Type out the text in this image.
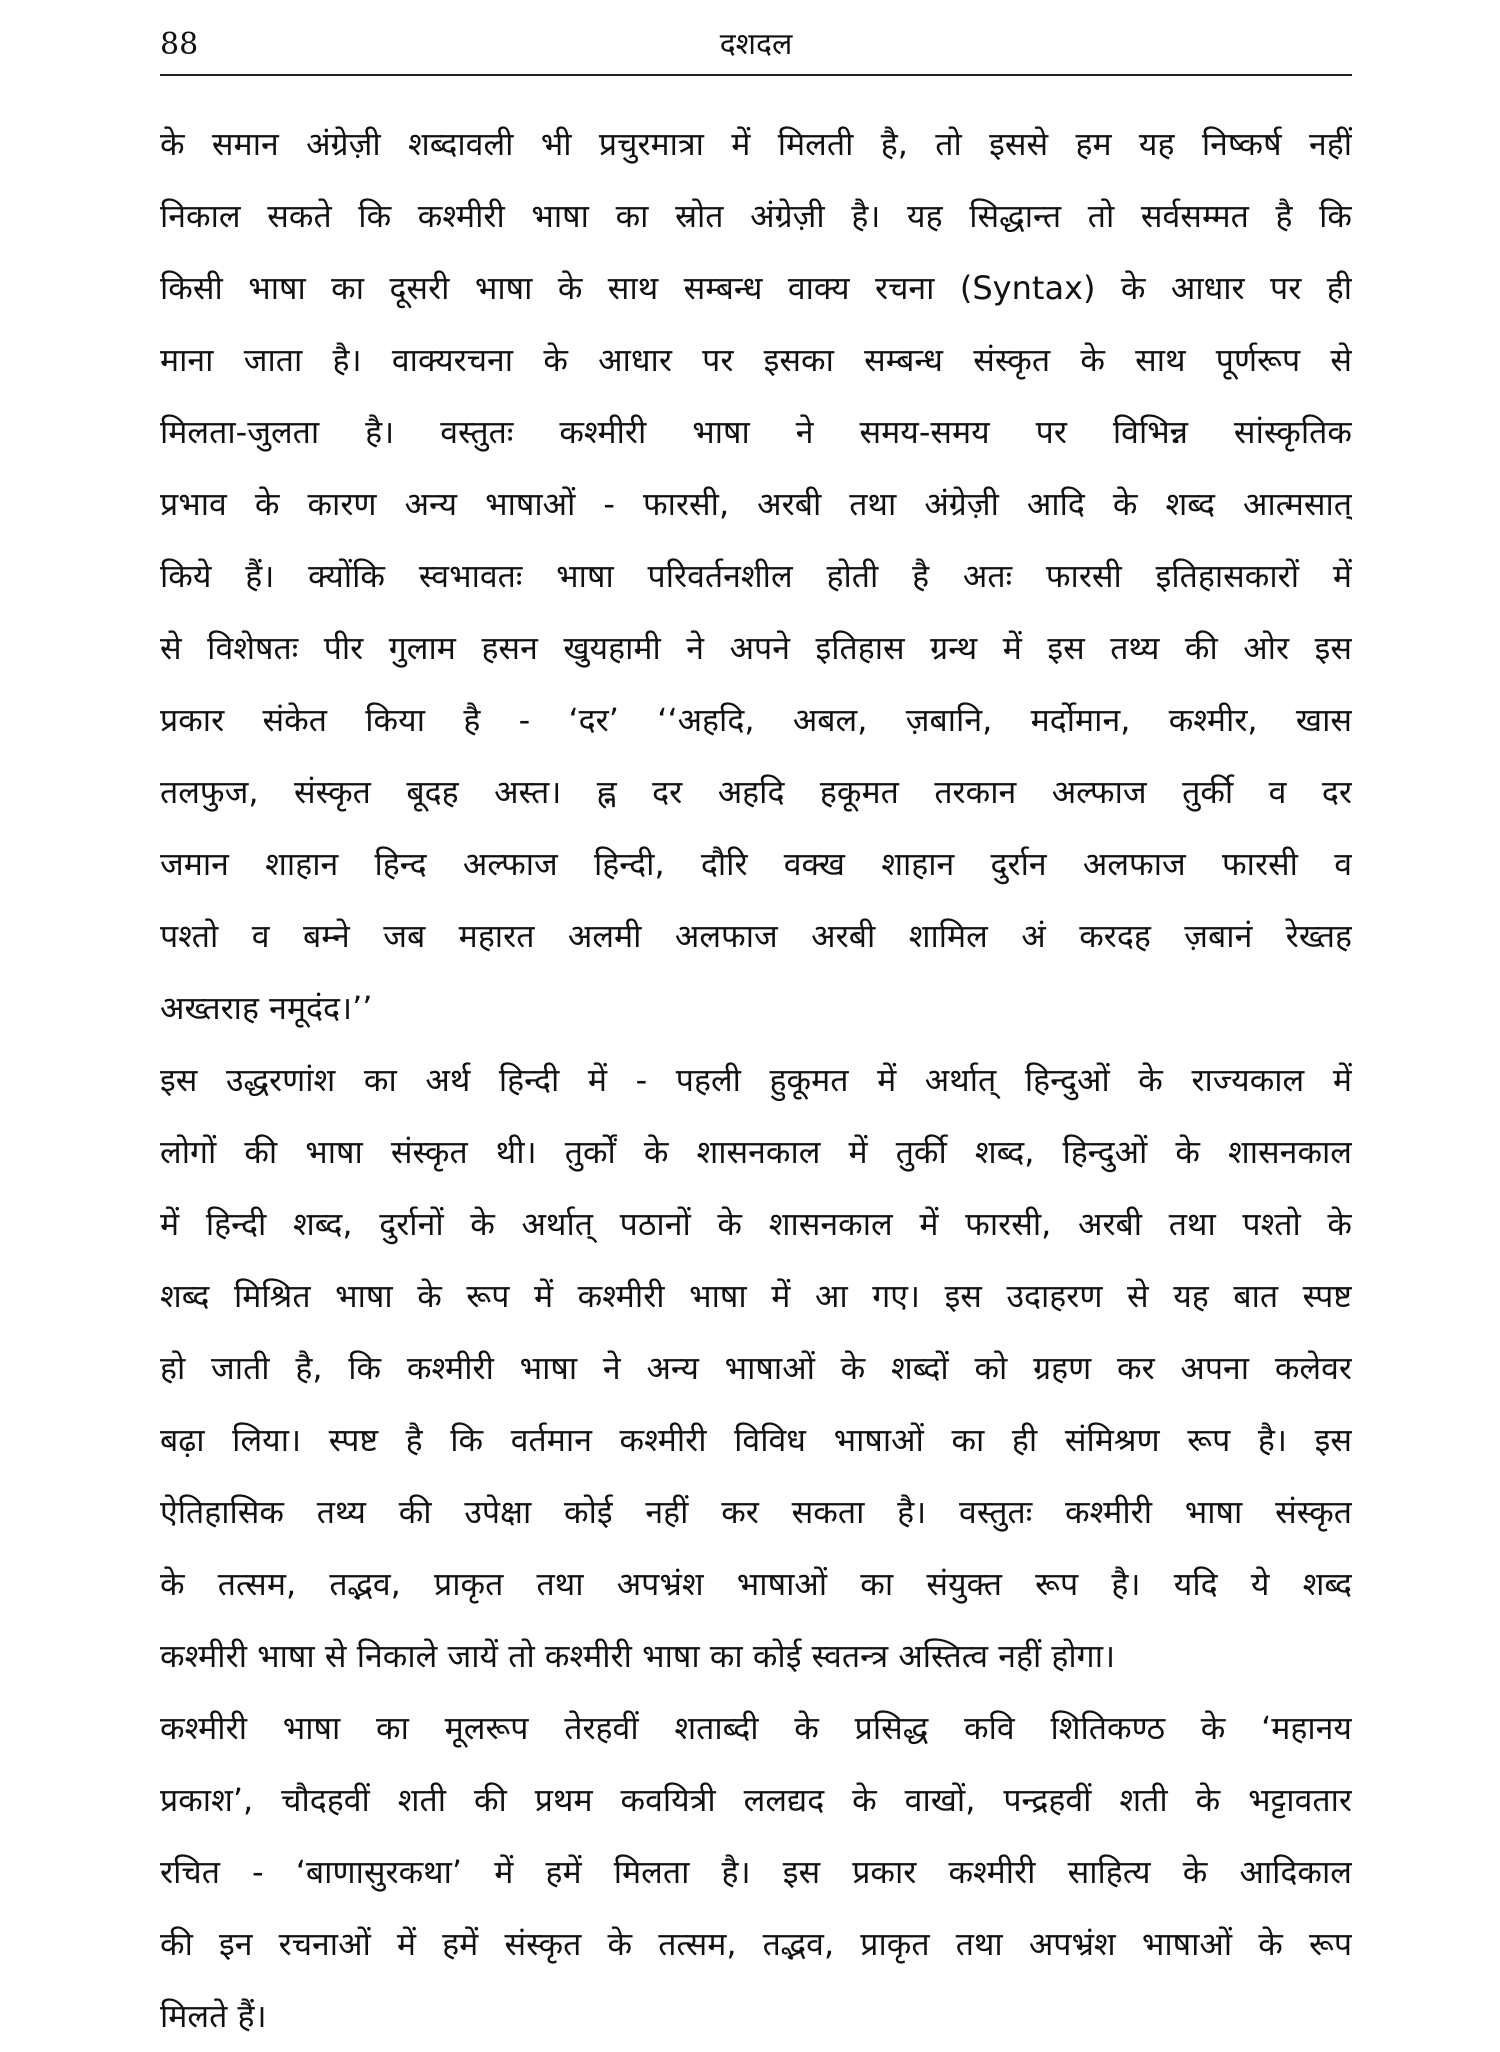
88	दशदल

के समान अंग्रेज़ी शब्दावली भी प्रचुरमात्रा में मिलती है, तो इससे हम यह निष्कर्ष नहीं

निकाल सकते कि कश्मीरी भाषा का स्रोत अंग्रेज़ी है। यह सिद्धान्त तो सर्वसम्मत है कि

किसी भाषा का दूसरी भाषा के साथ सम्बन्ध वाक्य रचना (Syntax) के आधार पर ही

माना जाता है। वाक्यरचना के आधार पर इसका सम्बन्ध संस्कृत के साथ पूर्णरूप से

मिलता-जुलता है। वस्तुतः कश्मीरी भाषा ने समय-समय पर विभिन्न सांस्कृतिक

प्रभाव के कारण अन्य भाषाओं - फारसी, अरबी तथा अंग्रेज़ी आदि के शब्द आत्मसात्

किये हैं। क्योंकि स्वभावतः भाषा परिवर्तनशील होती है अतः फारसी इतिहासकारों में

से विशेषतः पीर गुलाम हसन खुयहामी ने अपने इतिहास ग्रन्थ में इस तथ्य की ओर इस

प्रकार संकेत किया है - ‘दर’ ‘‘अहदि, अबल, ज़बानि, मर्दोमान, कश्मीर, खास

तलफुज, संस्कृत बूदह अस्त। ह्न दर अहदि हकूमत तरकान अल्फाज तुर्की व दर

जमान शाहान हिन्द अल्फाज हिन्दी, दौरि वक्ख शाहान दुर्रान अलफाज फारसी व

पश्तो व बम्ने जब महारत अलमी अलफाज अरबी शामिल अं करदह ज़बानं रेख्तह

अख्तराह नमूदंद।’’

इस उद्धरणांश का अर्थ हिन्दी में - पहली हुकूमत में अर्थात् हिन्दुओं के राज्यकाल में

लोगों की भाषा संस्कृत थी। तुर्कों के शासनकाल में तुर्की शब्द, हिन्दुओं के शासनकाल

में हिन्दी शब्द, दुर्रानों के अर्थात् पठानों के शासनकाल में फारसी, अरबी तथा पश्तो के

शब्द मिश्रित भाषा के रूप में कश्मीरी भाषा में आ गए। इस उदाहरण से यह बात स्पष्ट

हो जाती है, कि कश्मीरी भाषा ने अन्य भाषाओं के शब्दों को ग्रहण कर अपना कलेवर

बढ़ा लिया। स्पष्ट है कि वर्तमान कश्मीरी विविध भाषाओं का ही संमिश्रण रूप है। इस

ऐतिहासिक तथ्य की उपेक्षा कोई नहीं कर सकता है। वस्तुतः कश्मीरी भाषा संस्कृत

के तत्सम, तद्भव, प्राकृत तथा अपभ्रंश भाषाओं का संयुक्त रूप है। यदि ये शब्द

कश्मीरी भाषा से निकाले जायें तो कश्मीरी भाषा का कोई स्वतन्त्र अस्तित्व नहीं होगा।

कश्मीरी भाषा का मूलरूप तेरहवीं शताब्दी के प्रसिद्ध कवि शितिकण्ठ के ‘महानय

प्रकाश’, चौदहवीं शती की प्रथम कवयित्री ललद्यद के वाखों, पन्द्रहवीं शती के भट्टावतार

रचित - ‘बाणासुरकथा’ में हमें मिलता है। इस प्रकार कश्मीरी साहित्य के आदिकाल

की इन रचनाओं में हमें संस्कृत के तत्सम, तद्भव, प्राकृत तथा अपभ्रंश भाषाओं के रूप

मिलते हैं।
